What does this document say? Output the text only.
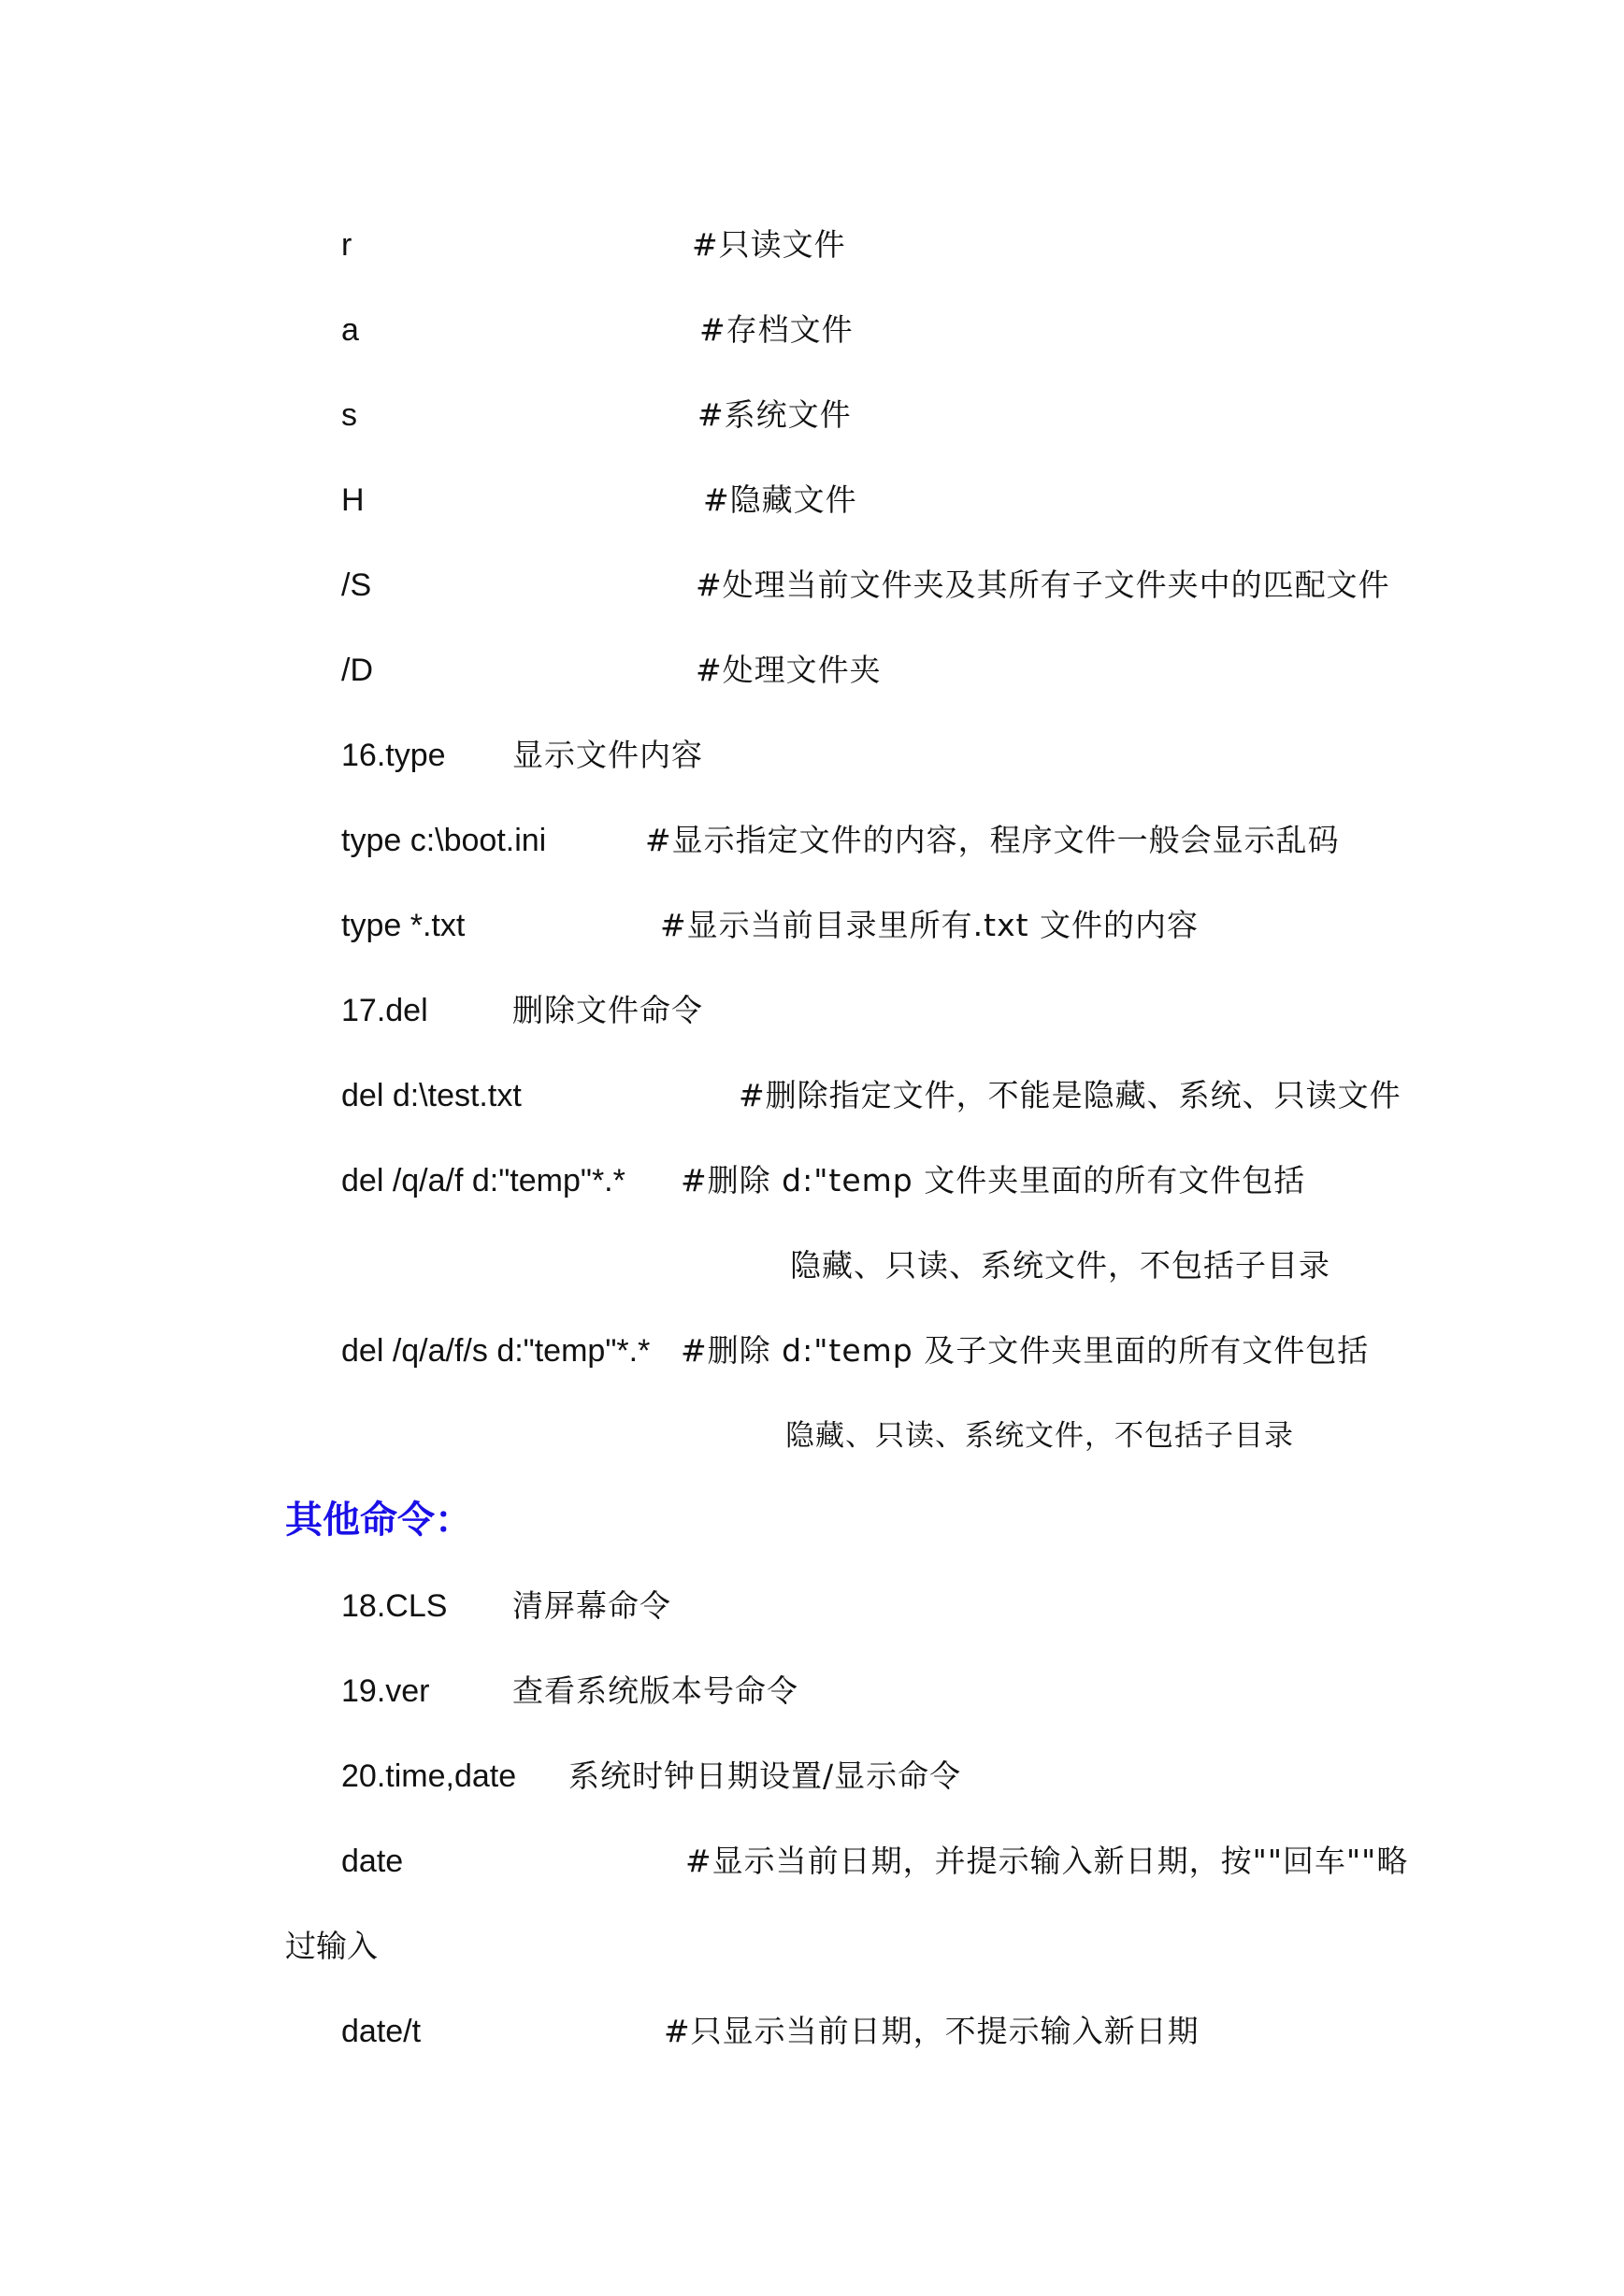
r	#只读文件
a	#存档文件
s	#系统文件
H	#隐藏文件
/S	#处理当前文件夹及其所有子文件夹中的匹配文件
/D	#处理文件夹
16.type 显示文件内容
type c:\boot.ini	#显示指定文件的内容，程序文件一般会显示乱码
type *.txt	#显示当前目录里所有.txt 文件的内容
17.del	删除文件命令
del d:\test.txt	#删除指定文件，不能是隐藏、系统、只读文件
del /q/a/f d:"temp"*.* #删除 d:"temp 文件夹里面的所有文件包括
隐藏、只读、系统文件，不包括子目录
del /q/a/f/s d:"temp"*.* #删除 d:"temp 及子文件夹里面的所有文件包括
隐藏、只读、系统文件，不包括子目录
其他命令：
18.CLS 清屏幕命令
19.ver	查看系统版本号命令
20.time,date 系统时钟日期设置/显示命令
date	#显示当前日期，并提示输入新日期，按""回车""略
过输入
date/t	#只显示当前日期，不提示输入新日期
